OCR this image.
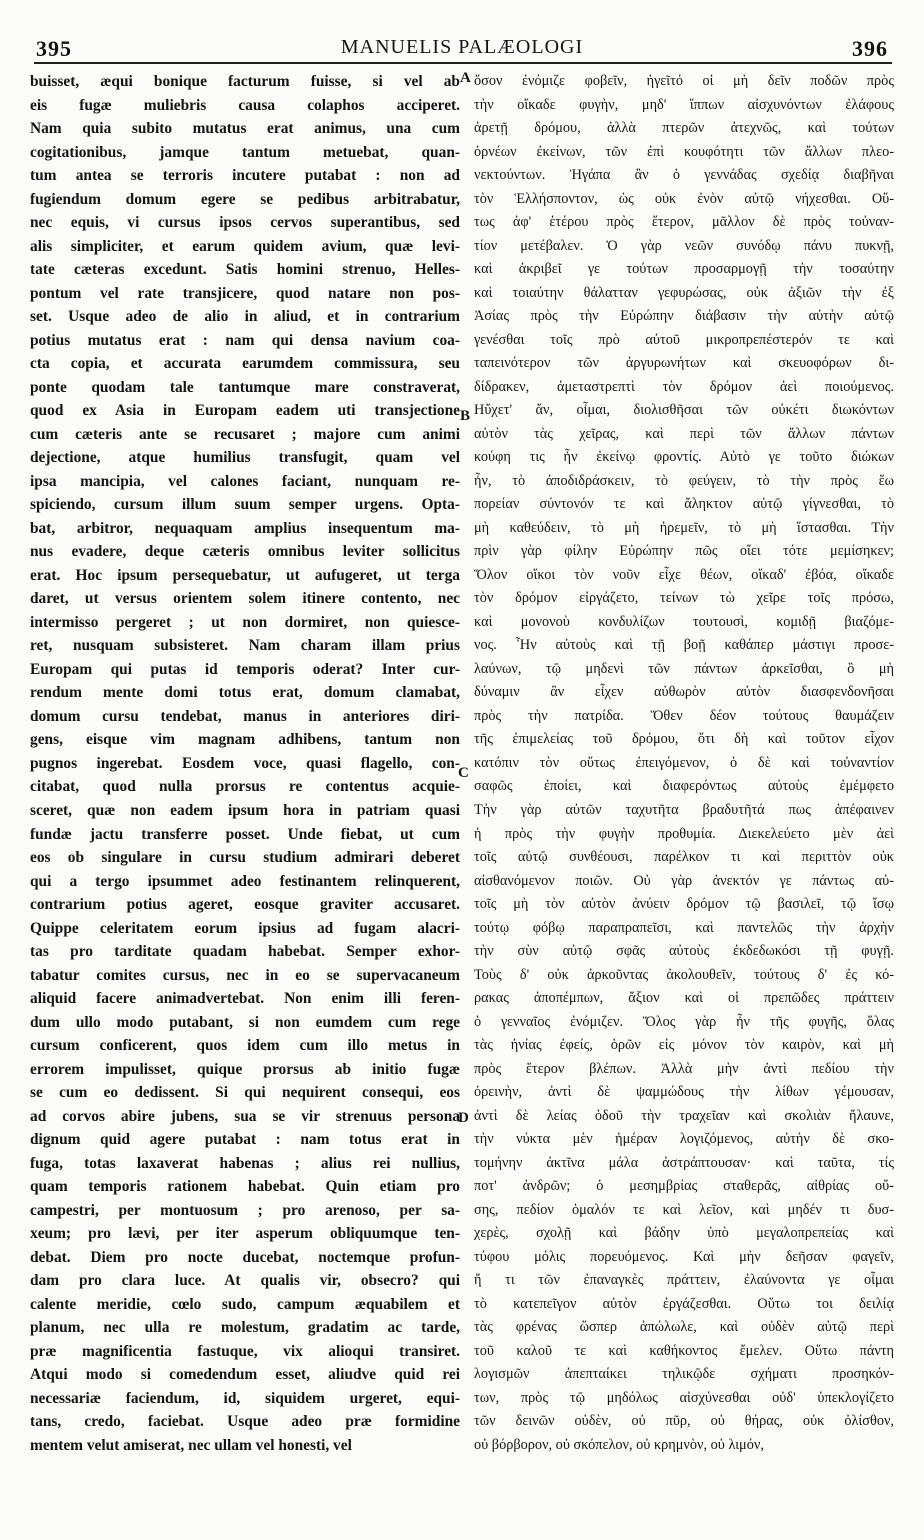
395	MANUELIS PALÆOLOGI	396
buisset, æqui bonique facturum fuisse, si vel ab
eis fugæ muliebris causa colaphos acciperet.
Nam quia subito mutatus erat animus, una cum
cogitationibus, jamque tantum metuebat, quan-
tum antea se terroris incutere putabat : non ad
fugiendum domum egere se pedibus arbitrabatur,
nec equis, vi cursus ipsos cervos superantibus, sed
alis simpliciter, et earum quidem avium, quæ levi-
tate cæteras excedunt. Satis homini strenuo, Helles-
pontum vel rate transjicere, quod natare non pos-
set. Usque adeo de alio in aliud, et in contrarium
potius mutatus erat : nam qui densa navium coa-
cta copia, et accurata earumdem commissura, seu
ponte quodam tale tantumque mare constraverat,
quod ex Asia in Europam eadem uti transjectione
cum cæteris ante se recusaret ; majore cum animi
dejectione, atque humilius transfugit, quam vel
ipsa mancipia, vel calones faciant, nunquam re-
spiciendo, cursum illum suum semper urgens. Opta-
bat, arbitror, nequaquam amplius insequentum ma-
nus evadere, deque cæteris omnibus leviter sollicitus
erat. Hoc ipsum persequebatur, ut aufugeret, ut terga
daret, ut versus orientem solem itinere contento, nec
intermisso pergeret ; ut non dormiret, non quiesce-
ret, nusquam subsisteret. Nam charam illam prius
Europam qui putas id temporis oderat? Inter cur-
rendum mente domi totus erat, domum clamabat,
domum cursu tendebat, manus in anteriores diri-
gens, eisque vim magnam adhibens, tantum non
pugnos ingerebat. Eosdem voce, quasi flagello, con-
citabat, quod nulla prorsus re contentus acquie-
sceret, quæ non eadem ipsum hora in patriam quasi
fundæ jactu transferre posset. Unde fiebat, ut cum
eos ob singulare in cursu studium admirari deberet
qui a tergo ipsummet adeo festinantem relinquerent,
contrarium potius ageret, eosque graviter accusaret.
Quippe celeritatem eorum ipsius ad fugam alacri-
tas pro tarditate quadam habebat. Semper exhor-
tabatur comites cursus, nec in eo se supervacaneum
aliquid facere animadvertebat. Non enim illi feren-
dum ullo modo putabant, si non eumdem cum rege
cursum conficerent, quos idem cum illo metus in
errorem impulisset, quique prorsus ab initio fugæ
se cum eo dedissent. Si qui nequirent consequi, eos
ad corvos abire jubens, sua se vir strenuus persona
dignum quid agere putabat : nam totus erat in
fuga, totas laxaverat habenas ; alius rei nullius,
quam temporis rationem habebat. Quin etiam pro
campestri, per montuosum ; pro arenoso, per sa-
xeum; pro lævi, per iter asperum obliquumque ten-
debat. Diem pro nocte ducebat, noctemque profun-
dam pro clara luce. At qualis vir, obsecro? qui
calente meridie, cœlo sudo, campum æquabilem et
planum, nec ulla re molestum, gradatim ac tarde,
præ magnificentia fastuque, vix alioqui transiret.
Atqui modo si comedendum esset, aliudve quid rei
necessariæ faciendum, id, siquidem urgeret, equi-
tans, credo, faciebat. Usque adeo præ formidine
mentem velut amiserat, nec ullam vel honesti, vel
A
B
C
D
ὅσον ἐνόμιζε φοβεῖν, ἡγεῖτό οἱ μὴ δεῖν ποδῶν πρὸς
τὴν οἴκαδε φυγὴν, μηδ' ἵππων αἰσχυνόντων ἐλάφους
ἀρετῇ δρόμου, ἀλλὰ πτερῶν ἀτεχνῶς, καὶ τούτων
ὀρνέων ἐκείνων, τῶν ἐπὶ κουφότητι τῶν ἄλλων πλεο-
νεκτούντων. Ἠγάπα ἂν ὁ γεννάδας σχεδίᾳ διαβῆναι
τὸν Ἑλλήσποντον, ὡς οὐκ ἐνὸν αὐτῷ νήχεσθαι. Οὕ-
τως ἀφ' ἑτέρου πρὸς ἕτερον, μᾶλλον δὲ πρὸς τοὐναν-
τίον μετέβαλεν. Ὁ γὰρ νεῶν συνόδῳ πάνυ πυκνῇ,
καὶ ἀκριβεῖ γε τούτων προσαρμογῇ τὴν τοσαύτην
καὶ τοιαύτην θάλατταν γεφυρώσας, οὐκ ἀξιῶν τὴν ἐξ
Ἀσίας πρὸς τὴν Εὐρώπην διάβασιν τὴν αὐτὴν αὐτῷ
γενέσθαι τοῖς πρὸ αὐτοῦ μικροπρεπέστερόν τε καὶ
ταπεινότερον τῶν ἀργυρωνήτων καὶ σκευοφόρων δι-
δίδρακεν, ἀμεταστρεπτὶ τὸν δρόμον ἀεὶ ποιούμενος.
Ηὔχετ' ἄν, οἶμαι, διολισθῆσαι τῶν οὐκέτι διωκόντων
αὐτὸν τὰς χεῖρας, καὶ περὶ τῶν ἄλλων πάντων
κούφη τις ἦν ἐκείνῳ φροντίς. Αὐτὸ γε τοῦτο διώκων
ἦν, τὸ ἀποδιδράσκειν, τὸ φεύγειν, τὸ τὴν πρὸς ἕω
πορείαν σύντονόν τε καὶ ἄληκτον αὐτῷ γίγνεσθαι, τὸ
μὴ καθεύδειν, τὸ μὴ ἠρεμεῖν, τὸ μὴ ἵστασθαι. Τὴν
πρὶν γὰρ φίλην Εὐρώπην πῶς οἴει τότε μεμίσηκεν;
Ὅλον οἴκοι τὸν νοῦν εἶχε θέων, οἴκαδ' ἐβόα, οἴκαδε
τὸν δρόμον εἰργάζετο, τείνων τὼ χεῖρε τοῖς πρόσω,
καὶ μονονοὺ κονδυλίζων τουτουσὶ, κομιδῇ βιαζόμε-
νος. Ἦν αὐτοὺς καὶ τῇ βοῇ καθάπερ μάστιγι προσε-
λαύνων, τῷ μηδενὶ τῶν πάντων ἀρκεῖσθαι, ὃ μὴ
δύναμιν ἂν εἶχεν αὐθωρὸν αὐτὸν διασφενδονῆσαι
πρὸς τὴν πατρίδα. Ὅθεν δέον τούτους θαυμάζειν
τῆς ἐπιμελείας τοῦ δρόμου, ὅτι δὴ καὶ τοῦτον εἶχον
κατόπιν τὸν οὕτως ἐπειγόμενον, ὁ δὲ καὶ τοὐναντίον
σαφῶς ἐποίει, καὶ διαφερόντως αὐτοὺς ἐμέμφετο
Τὴν γὰρ αὐτῶν ταχυτῆτα βραδυτῆτά πως ἀπέφαινεν
ἡ πρὸς τὴν φυγὴν προθυμία. Διεκελεύετο μὲν ἀεὶ
τοῖς αὐτῷ συνθέουσι, παρέλκον τι καὶ περιττὸν οὐκ
αἰσθανόμενον ποιῶν. Οὐ γὰρ ἀνεκτόν γε πάντως αὐ-
τοῖς μὴ τὸν αὐτὸν ἀνύειν δρόμον τῷ βασιλεῖ, τῷ ἴσῳ
τούτῳ φόβῳ παραπραπεῖσι, καὶ παντελῶς τὴν ἀρχὴν
τὴν σὺν αὐτῷ σφᾶς αὐτοὺς ἐκδεδωκόσι τῇ φυγῇ.
Τοὺς δ' οὐκ ἀρκοῦντας ἀκολουθεῖν, τούτους δ' ἐς κό-
ρακας ἀποπέμπων, ἄξιον καὶ οἱ πρεπῶδες πράττειν
ὁ γενναῖος ἐνόμιζεν. Ὅλος γὰρ ἦν τῆς φυγῆς, ὅλας
τὰς ἡνίας ἐφείς, ὁρῶν εἰς μόνον τὸν καιρὸν, καὶ μὴ
πρὸς ἕτερον βλέπων. Ἀλλὰ μὴν ἀντὶ πεδίου τὴν
ὀρεινὴν, ἀντὶ δὲ ψαμμώδους τὴν λίθων γέμουσαν,
ἀντὶ δὲ λείας ὁδοῦ τὴν τραχεῖαν καὶ σκολιὰν ἤλαυνε,
τὴν νύκτα μὲν ἡμέραν λογιζόμενος, αὐτὴν δὲ σκο-
τομήνην ἀκτῖνα μάλα ἀστράπτουσαν· καὶ ταῦτα, τίς
ποτ' ἀνδρῶν; ὁ μεσημβρίας σταθερᾶς, αἰθρίας οὔ-
σης, πεδίον ὁμαλόν τε καὶ λεῖον, καὶ μηδέν τι δυσ-
χερὲς, σχολῇ καὶ βάδην ὑπὸ μεγαλοπρεπείας καὶ
τύφου μόλις πορευόμενος. Καὶ μὴν δεῆσαν φαγεῖν,
ἤ τι τῶν ἐπαναγκὲς πράττειν, ἐλαύνοντα γε οἶμαι
τὸ κατεπεῖγον αὐτὸν ἐργάζεσθαι. Οὕτω τοι δειλίᾳ
τὰς φρένας ὥσπερ ἀπώλωλε, καὶ οὐδὲν αὐτῷ περὶ
τοῦ καλοῦ τε καὶ καθήκοντος ἔμελεν. Οὕτω πάντη
λογισμῶν ἀπεπταίκει τηλικῷδε σχήματι προσηκόν-
των, πρὸς τῷ μηδόλως αἰσχύνεσθαι οὐδ' ὑπεκλογίζετο
τῶν δεινῶν οὐδὲν, οὐ πῦρ, οὐ θήρας, οὐκ ὀλίσθον,
οὐ βόρβορον, οὐ σκόπελον, οὐ κρημνὸν, οὐ λιμόν,
